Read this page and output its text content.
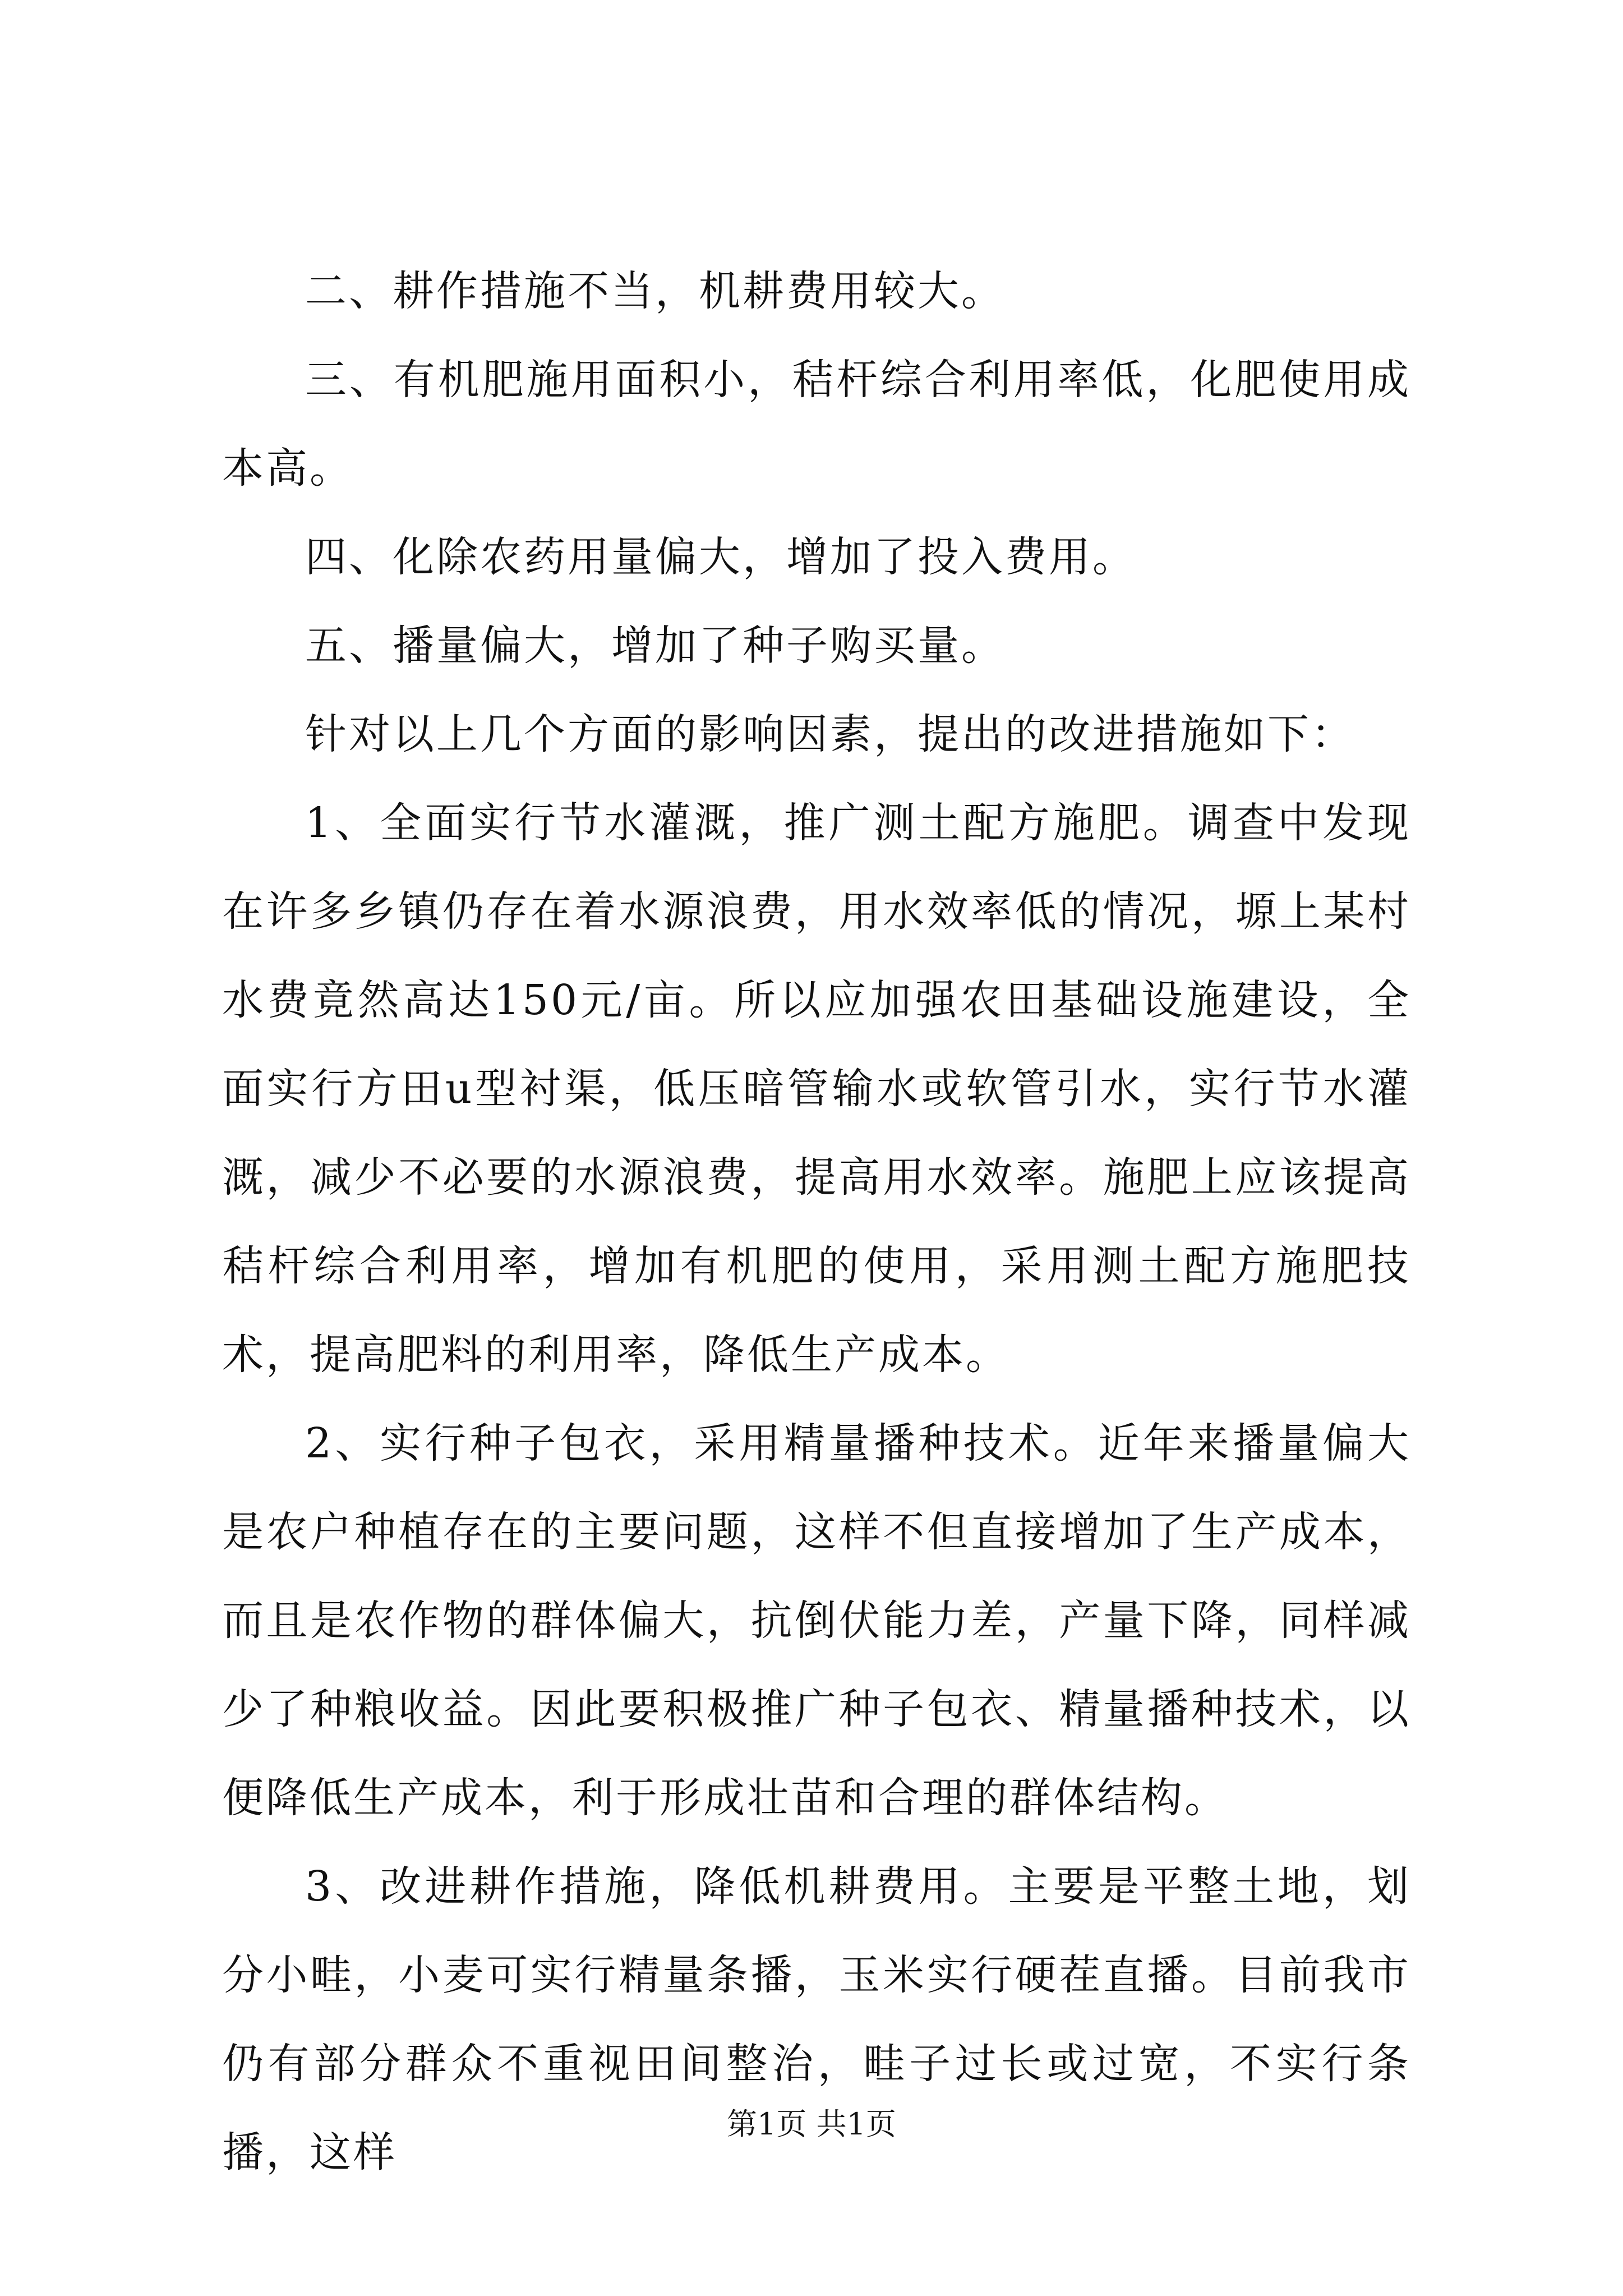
二、耕作措施不当，机耕费用较大。

三、有机肥施用面积小，秸杆综合利用率低，化肥使用成本高。

四、化除农药用量偏大，增加了投入费用。

五、播量偏大，增加了种子购买量。

针对以上几个方面的影响因素，提出的改进措施如下：

1、全面实行节水灌溉，推广测土配方施肥。调查中发现在许多乡镇仍存在着水源浪费，用水效率低的情况，塬上某村水费竟然高达150元/亩。所以应加强农田基础设施建设，全面实行方田u型衬渠，低压暗管输水或软管引水，实行节水灌溉，减少不必要的水源浪费，提高用水效率。施肥上应该提高秸杆综合利用率，增加有机肥的使用，采用测土配方施肥技术，提高肥料的利用率，降低生产成本。

2、实行种子包衣，采用精量播种技术。近年来播量偏大是农户种植存在的主要问题，这样不但直接增加了生产成本，而且是农作物的群体偏大，抗倒伏能力差，产量下降，同样减少了种粮收益。因此要积极推广种子包衣、精量播种技术，以便降低生产成本，利于形成壮苗和合理的群体结构。

3、改进耕作措施，降低机耕费用。主要是平整土地，划分小畦，小麦可实行精量条播，玉米实行硬茬直播。目前我市仍有部分群众不重视田间整治，畦子过长或过宽，不实行条播，这样

第1页 共1页
